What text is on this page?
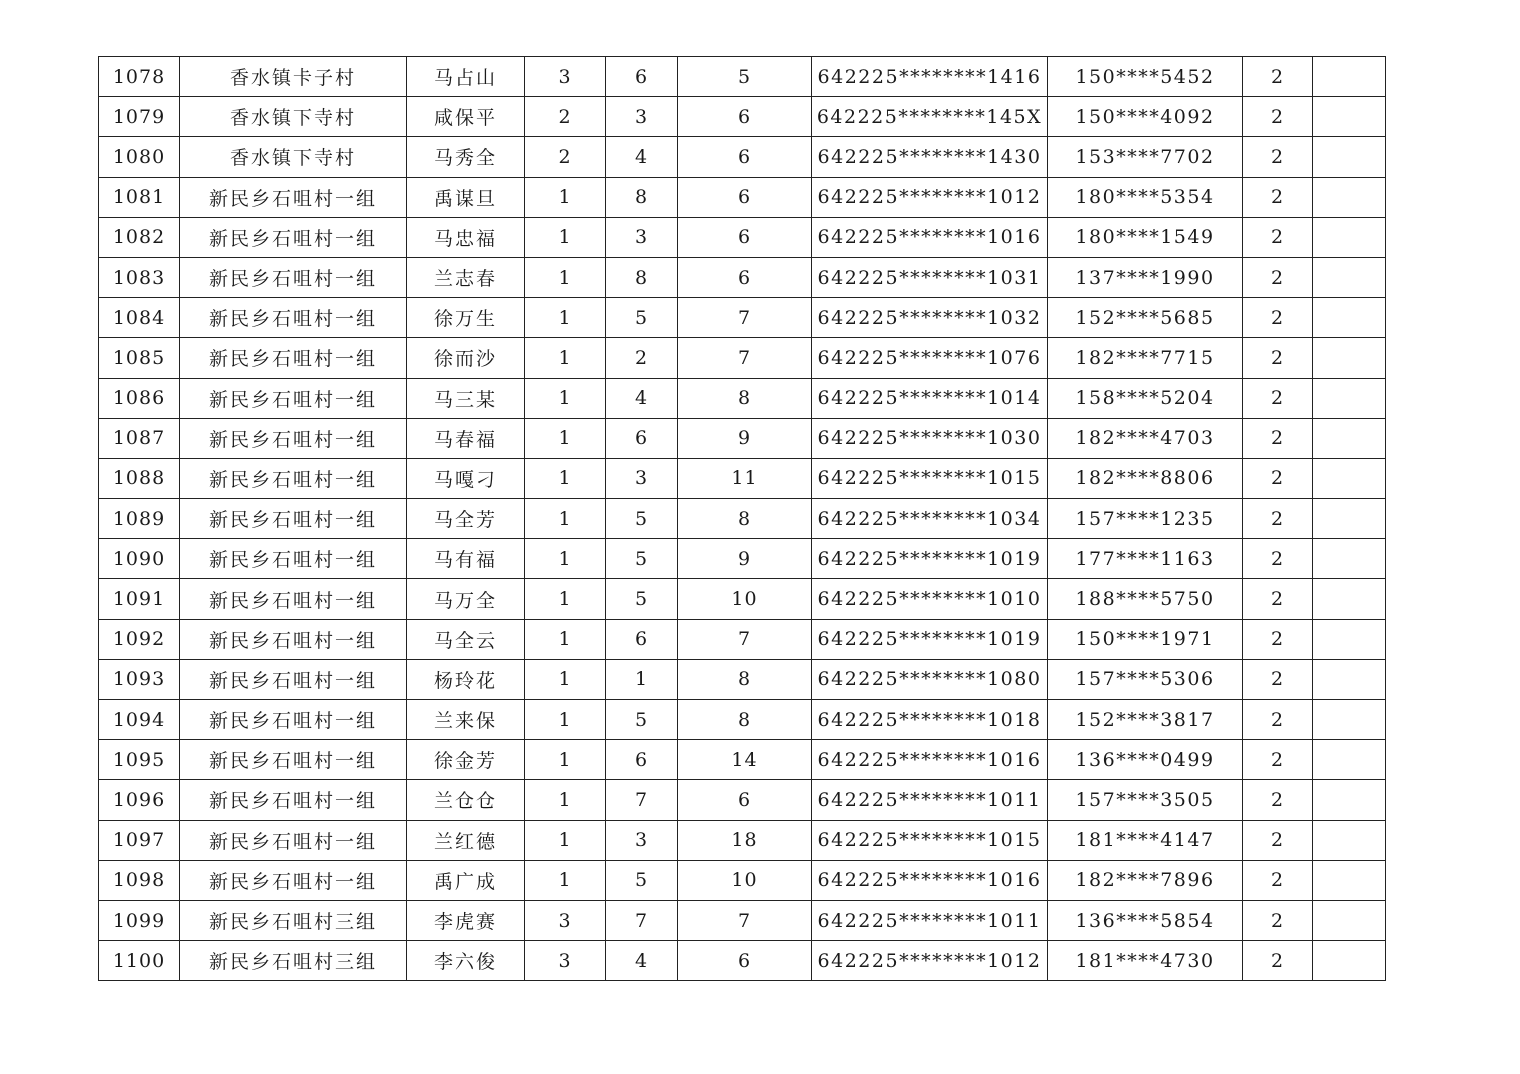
1078	香水镇卡子村	马占山	3	6	5	642225********1416	150****5452	2	
1079	香水镇下寺村	咸保平	2	3	6	642225********145X	150****4092	2	
1080	香水镇下寺村	马秀全	2	4	6	642225********1430	153****7702	2	
1081	新民乡石咀村一组	禹谋旦	1	8	6	642225********1012	180****5354	2	
1082	新民乡石咀村一组	马忠福	1	3	6	642225********1016	180****1549	2	
1083	新民乡石咀村一组	兰志春	1	8	6	642225********1031	137****1990	2	
1084	新民乡石咀村一组	徐万生	1	5	7	642225********1032	152****5685	2	
1085	新民乡石咀村一组	徐而沙	1	2	7	642225********1076	182****7715	2	
1086	新民乡石咀村一组	马三某	1	4	8	642225********1014	158****5204	2	
1087	新民乡石咀村一组	马春福	1	6	9	642225********1030	182****4703	2	
1088	新民乡石咀村一组	马嘎刁	1	3	11	642225********1015	182****8806	2	
1089	新民乡石咀村一组	马全芳	1	5	8	642225********1034	157****1235	2	
1090	新民乡石咀村一组	马有福	1	5	9	642225********1019	177****1163	2	
1091	新民乡石咀村一组	马万全	1	5	10	642225********1010	188****5750	2	
1092	新民乡石咀村一组	马全云	1	6	7	642225********1019	150****1971	2	
1093	新民乡石咀村一组	杨玲花	1	1	8	642225********1080	157****5306	2	
1094	新民乡石咀村一组	兰来保	1	5	8	642225********1018	152****3817	2	
1095	新民乡石咀村一组	徐金芳	1	6	14	642225********1016	136****0499	2	
1096	新民乡石咀村一组	兰仓仓	1	7	6	642225********1011	157****3505	2	
1097	新民乡石咀村一组	兰红德	1	3	18	642225********1015	181****4147	2	
1098	新民乡石咀村一组	禹广成	1	5	10	642225********1016	182****7896	2	
1099	新民乡石咀村三组	李虎赛	3	7	7	642225********1011	136****5854	2	
1100	新民乡石咀村三组	李六俊	3	4	6	642225********1012	181****4730	2	
